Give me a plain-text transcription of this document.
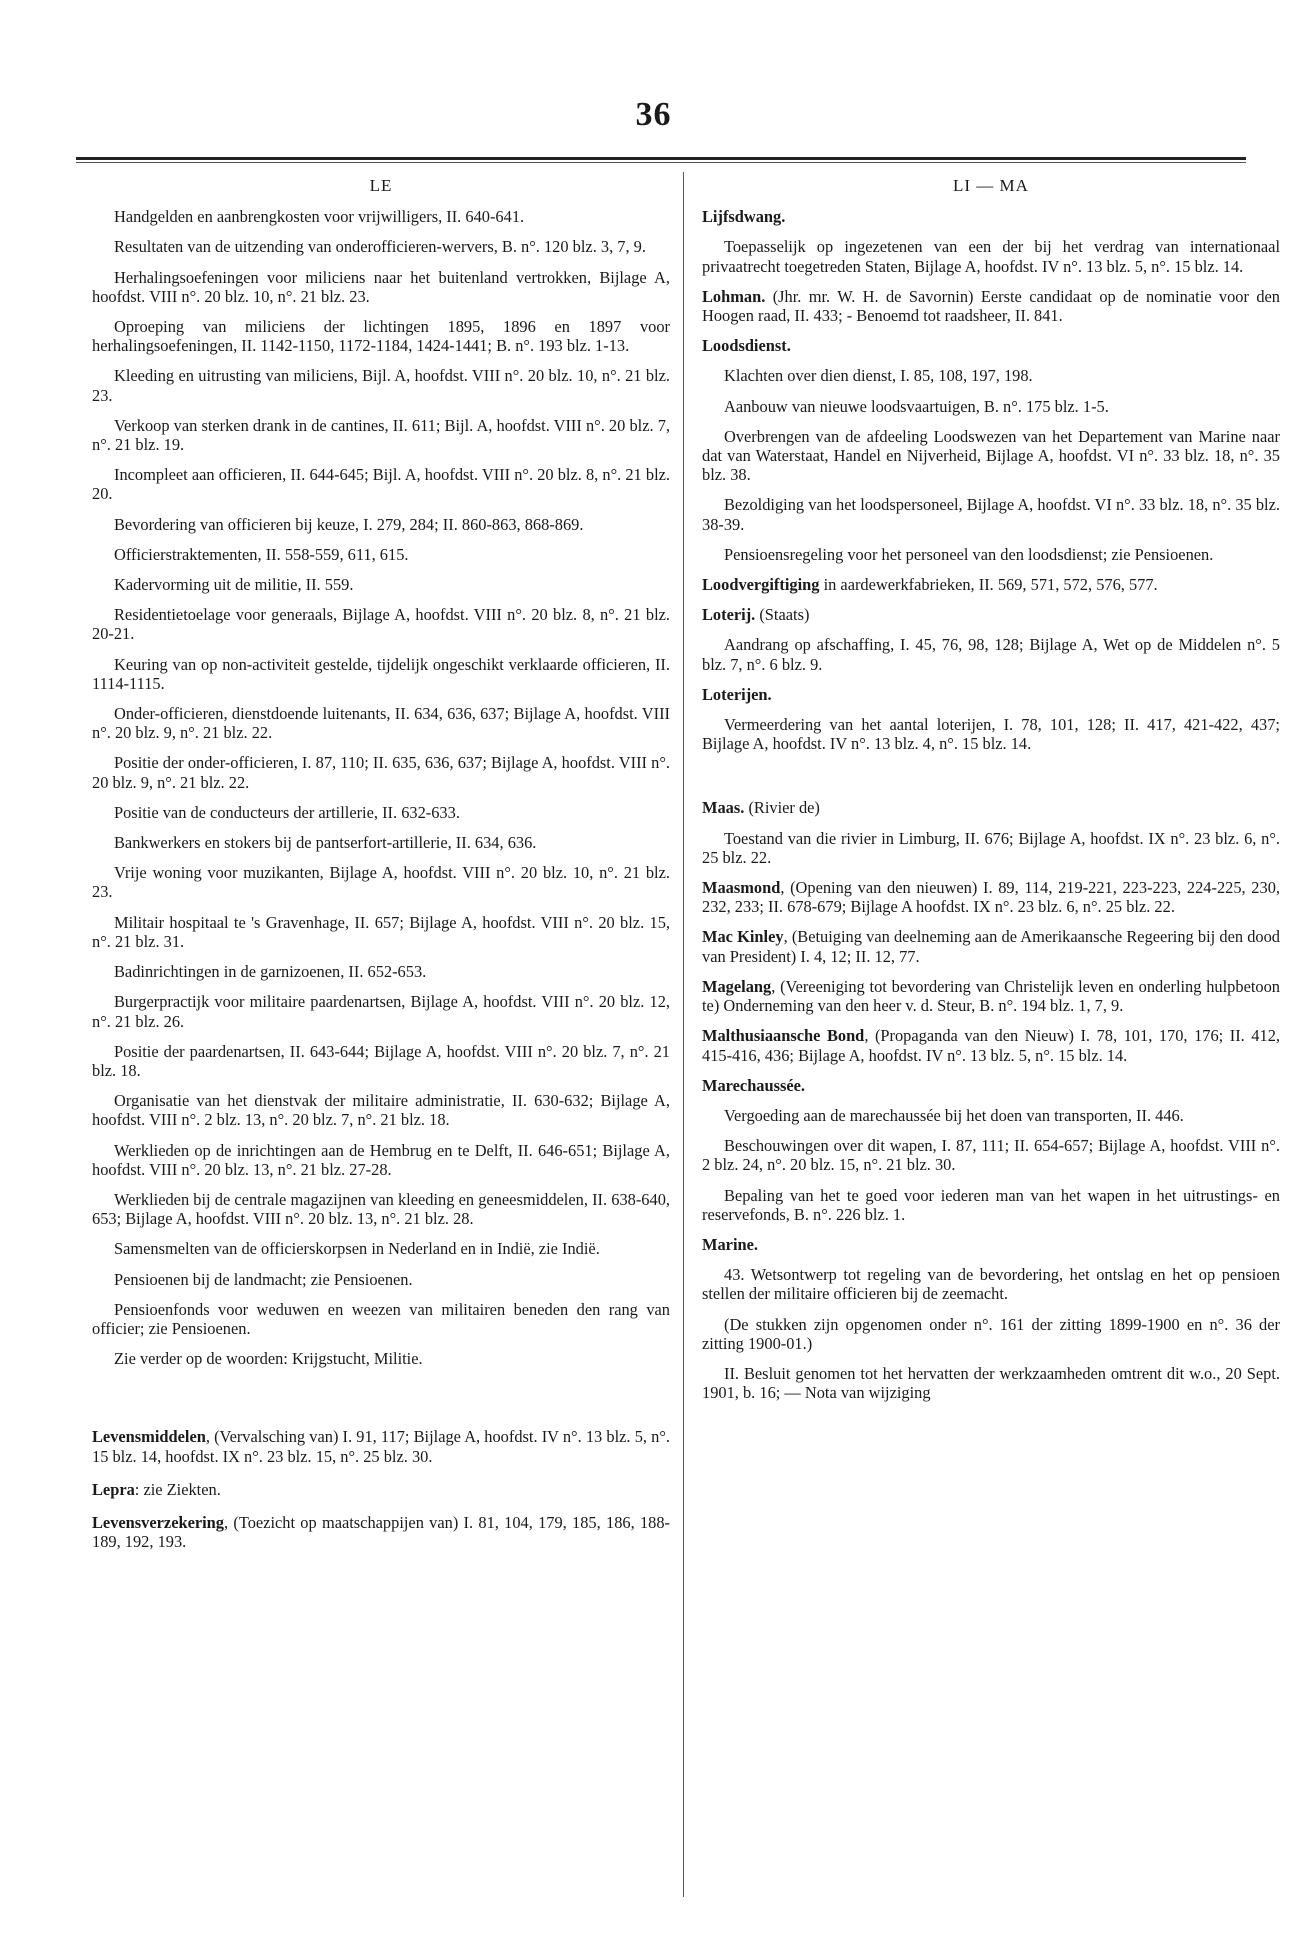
36
LE
Handgelden en aanbrengkosten voor vrijwilligers, II. 640-641.
Resultaten van de uitzending van onderofficieren-wervers, B. n°. 120 blz. 3, 7, 9.
Herhalingsoefeningen voor miliciens naar het buitenland vertrokken, Bijlage A, hoofdst. VIII n°. 20 blz. 10, n°. 21 blz. 23.
Oproeping van miliciens der lichtingen 1895, 1896 en 1897 voor herhalingsoefeningen, II. 1142-1150, 1172-1184, 1424-1441; B. n°. 193 blz. 1-13.
Kleeding en uitrusting van miliciens, Bijl. A, hoofdst. VIII n°. 20 blz. 10, n°. 21 blz. 23.
Verkoop van sterken drank in de cantines, II. 611; Bijl. A, hoofdst. VIII n°. 20 blz. 7, n°. 21 blz. 19.
Incompleet aan officieren, II. 644-645; Bijl. A, hoofdst. VIII n°. 20 blz. 8, n°. 21 blz. 20.
Bevordering van officieren bij keuze, I. 279, 284; II. 860-863, 868-869.
Officierstraktementen, II. 558-559, 611, 615.
Kadervorming uit de militie, II. 559.
Residentietoelage voor generaals, Bijlage A, hoofdst. VIII n°. 20 blz. 8, n°. 21 blz. 20-21.
Keuring van op non-activiteit gestelde, tijdelijk ongeschikt verklaarde officieren, II. 1114-1115.
Onder-officieren, dienstdoende luitenants, II. 634, 636, 637; Bijlage A, hoofdst. VIII n°. 20 blz. 9, n°. 21 blz. 22.
Positie der onder-officieren, I. 87, 110; II. 635, 636, 637; Bijlage A, hoofdst. VIII n°. 20 blz. 9, n°. 21 blz. 22.
Positie van de conducteurs der artillerie, II. 632-633.
Bankwerkers en stokers bij de pantserfort-artillerie, II. 634, 636.
Vrije woning voor muzikanten, Bijlage A, hoofdst. VIII n°. 20 blz. 10, n°. 21 blz. 23.
Militair hospitaal te 's Gravenhage, II. 657; Bijlage A, hoofdst. VIII n°. 20 blz. 15, n°. 21 blz. 31.
Badinrichtingen in de garnizoenen, II. 652-653.
Burgerpractijk voor militaire paardenartsen, Bijlage A, hoofdst. VIII n°. 20 blz. 12, n°. 21 blz. 26.
Positie der paardenartsen, II. 643-644; Bijlage A, hoofdst. VIII n°. 20 blz. 7, n°. 21 blz. 18.
Organisatie van het dienstvak der militaire administratie, II. 630-632; Bijlage A, hoofdst. VIII n°. 2 blz. 13, n°. 20 blz. 7, n°. 21 blz. 18.
Werklieden op de inrichtingen aan de Hembrug en te Delft, II. 646-651; Bijlage A, hoofdst. VIII n°. 20 blz. 13, n°. 21 blz. 27-28.
Werklieden bij de centrale magazijnen van kleeding en geneesmiddelen, II. 638-640, 653; Bijlage A, hoofdst. VIII n°. 20 blz. 13, n°. 21 blz. 28.
Samensmelten van de officierskorpsen in Nederland en in Indië, zie Indië.
Pensioenen bij de landmacht; zie Pensioenen.
Pensioenfonds voor weduwen en weezen van militairen beneden den rang van officier; zie Pensioenen.
Zie verder op de woorden: Krijgstucht, Militie.
Levensmiddelen, (Vervalsching van) I. 91, 117; Bijlage A, hoofdst. IV n°. 13 blz. 5, n°. 15 blz. 14, hoofdst. IX n°. 23 blz. 15, n°. 25 blz. 30.
Lepra: zie Ziekten.
Levensverzekering, (Toezicht op maatschappijen van) I. 81, 104, 179, 185, 186, 188-189, 192, 193.
LI — MA
Lijfsdwang.
Toepasselijk op ingezetenen van een der bij het verdrag van internationaal privaatrecht toegetreden Staten, Bijlage A, hoofdst. IV n°. 13 blz. 5, n°. 15 blz. 14.
Lohman. (Jhr. mr. W. H. de Savornin) Eerste candidaat op de nominatie voor den Hoogen raad, II. 433; - Benoemd tot raadsheer, II. 841.
Loodsdienst.
Klachten over dien dienst, I. 85, 108, 197, 198.
Aanbouw van nieuwe loodsvaartuigen, B. n°. 175 blz. 1-5.
Overbrengen van de afdeeling Loodswezen van het Departement van Marine naar dat van Waterstaat, Handel en Nijverheid, Bijlage A, hoofdst. VI n°. 33 blz. 18, n°. 35 blz. 38.
Bezoldiging van het loodspersoneel, Bijlage A, hoofdst. VI n°. 33 blz. 18, n°. 35 blz. 38-39.
Pensioensregeling voor het personeel van den loodsdienst; zie Pensioenen.
Loodvergiftiging in aardewerkfabrieken, II. 569, 571, 572, 576, 577.
Loterij. (Staats)
Aandrang op afschaffing, I. 45, 76, 98, 128; Bijlage A, Wet op de Middelen n°. 5 blz. 7, n°. 6 blz. 9.
Loterijen.
Vermeerdering van het aantal loterijen, I. 78, 101, 128; II. 417, 421-422, 437; Bijlage A, hoofdst. IV n°. 13 blz. 4, n°. 15 blz. 14.
Maas. (Rivier de)
Toestand van die rivier in Limburg, II. 676; Bijlage A, hoofdst. IX n°. 23 blz. 6, n°. 25 blz. 22.
Maasmond, (Opening van den nieuwen) I. 89, 114, 219-221, 223-223, 224-225, 230, 232, 233; II. 678-679; Bijlage A hoofdst. IX n°. 23 blz. 6, n°. 25 blz. 22.
Mac Kinley, (Betuiging van deelneming aan de Amerikaansche Regeering bij den dood van President) I. 4, 12; II. 12, 77.
Magelang, (Vereeniging tot bevordering van Christelijk leven en onderling hulpbetoon te) Onderneming van den heer v. d. Steur, B. n°. 194 blz. 1, 7, 9.
Malthusiaansche Bond, (Propaganda van den Nieuw) I. 78, 101, 170, 176; II. 412, 415-416, 436; Bijlage A, hoofdst. IV n°. 13 blz. 5, n°. 15 blz. 14.
Marechaussée.
Vergoeding aan de marechaussée bij het doen van transporten, II. 446.
Beschouwingen over dit wapen, I. 87, 111; II. 654-657; Bijlage A, hoofdst. VIII n°. 2 blz. 24, n°. 20 blz. 15, n°. 21 blz. 30.
Bepaling van het te goed voor iederen man van het wapen in het uitrustings- en reservefonds, B. n°. 226 blz. 1.
Marine.
43. Wetsontwerp tot regeling van de bevordering, het ontslag en het op pensioen stellen der militaire officieren bij de zeemacht.
(De stukken zijn opgenomen onder n°. 161 der zitting 1899-1900 en n°. 36 der zitting 1900-01.)
II. Besluit genomen tot het hervatten der werkzaamheden omtrent dit w.o., 20 Sept. 1901, b. 16; — Nota van wijziging
